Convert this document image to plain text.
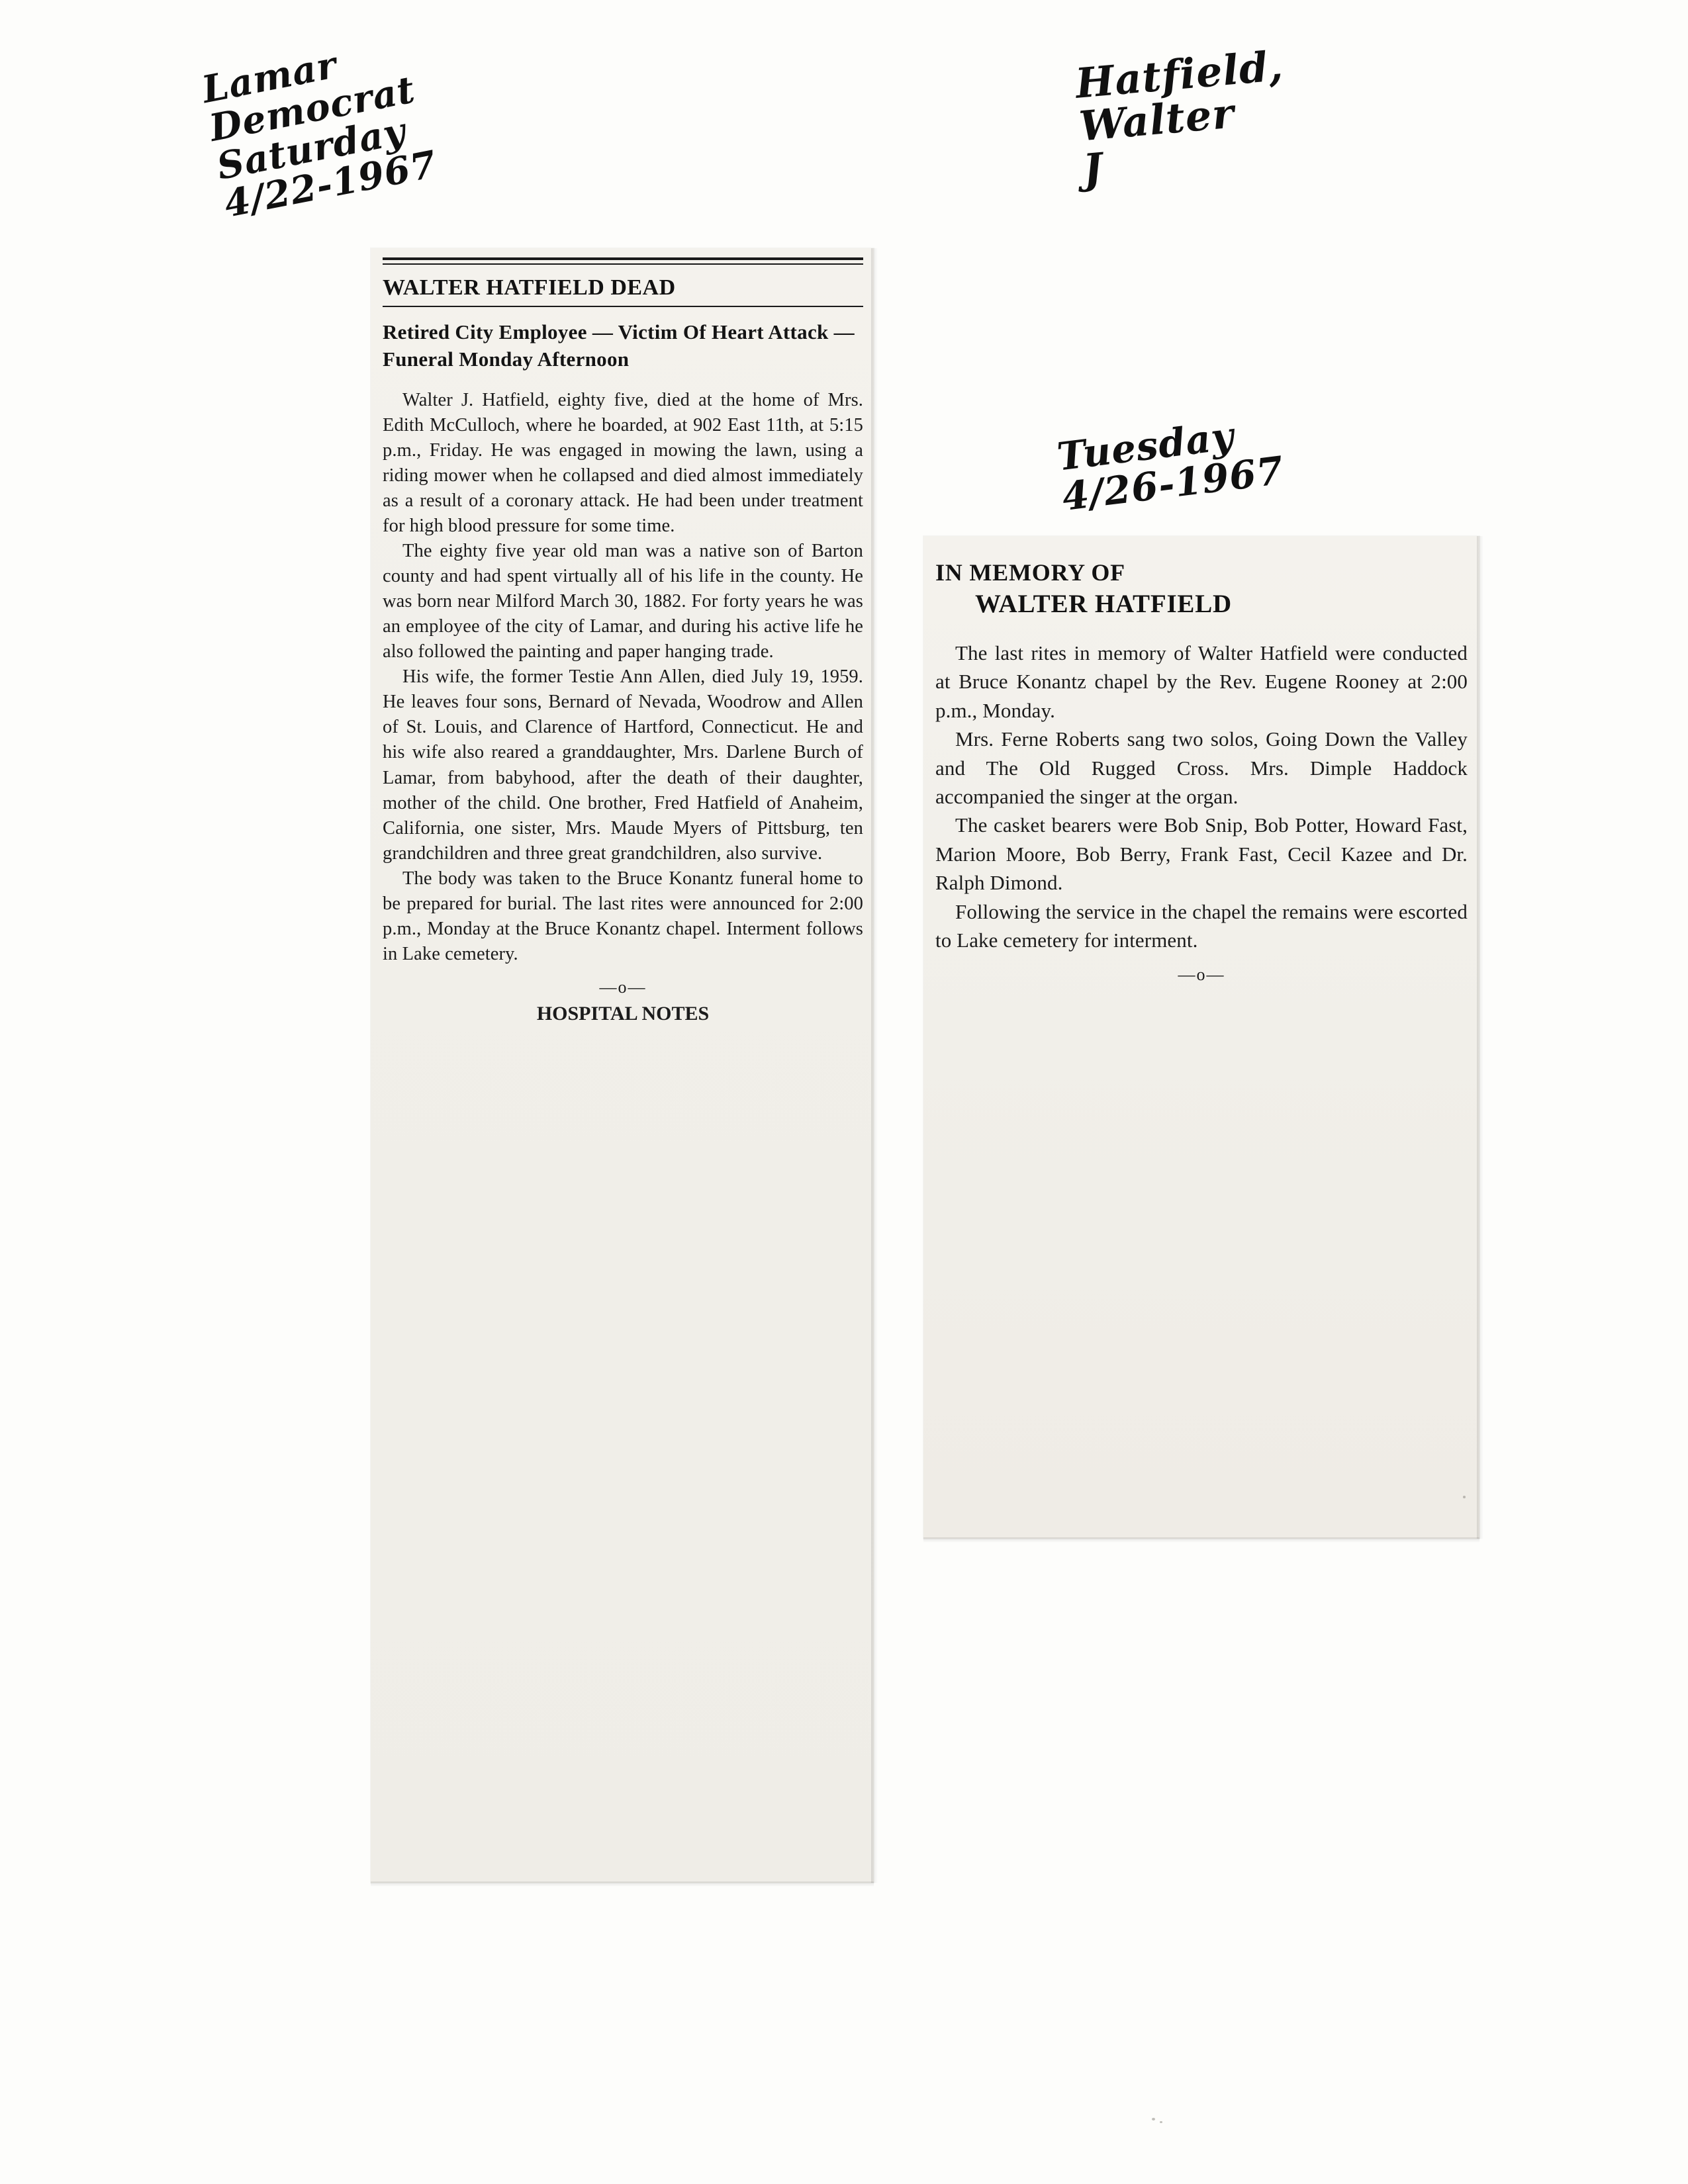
Lamar
Democrat
Saturday
4/22-1967
Hatfield,
Walter
J
Tuesday
4/26-1967
WALTER HATFIELD DEAD
Retired City Employee — Victim Of Heart Attack — Funeral Monday Afternoon

Walter J. Hatfield, eighty five, died at the home of Mrs. Edith McCulloch, where he boarded, at 902 East 11th, at 5:15 p.m., Friday. He was engaged in mowing the lawn, using a riding mower when he collapsed and died almost immediately as a result of a coronary attack. He had been under treatment for high blood pressure for some time.

The eighty five year old man was a native son of Barton county and had spent virtually all of his life in the county. He was born near Milford March 30, 1882. For forty years he was an employee of the city of Lamar, and during his active life he also followed the painting and paper hanging trade.

His wife, the former Testie Ann Allen, died July 19, 1959. He leaves four sons, Bernard of Nevada, Woodrow and Allen of St. Louis, and Clarence of Hartford, Connecticut. He and his wife also reared a granddaughter, Mrs. Darlene Burch of Lamar, from babyhood, after the death of their daughter, mother of the child. One brother, Fred Hatfield of Anaheim, California, one sister, Mrs. Maude Myers of Pittsburg, ten grandchildren and three great grandchildren, also survive.

The body was taken to the Bruce Konantz funeral home to be prepared for burial. The last rites were announced for 2:00 p.m., Monday at the Bruce Konantz chapel. Interment follows in Lake cemetery.

—o—
HOSPITAL NOTES
IN MEMORY OF
WALTER HATFIELD

The last rites in memory of Walter Hatfield were conducted at Bruce Konantz chapel by the Rev. Eugene Rooney at 2:00 p.m., Monday.

Mrs. Ferne Roberts sang two solos, Going Down the Valley and The Old Rugged Cross. Mrs. Dimple Haddock accompanied the singer at the organ.

The casket bearers were Bob Snip, Bob Potter, Howard Fast, Marion Moore, Bob Berry, Frank Fast, Cecil Kazee and Dr. Ralph Dimond.

Following the service in the chapel the remains were escorted to Lake cemetery for interment.

—o—
